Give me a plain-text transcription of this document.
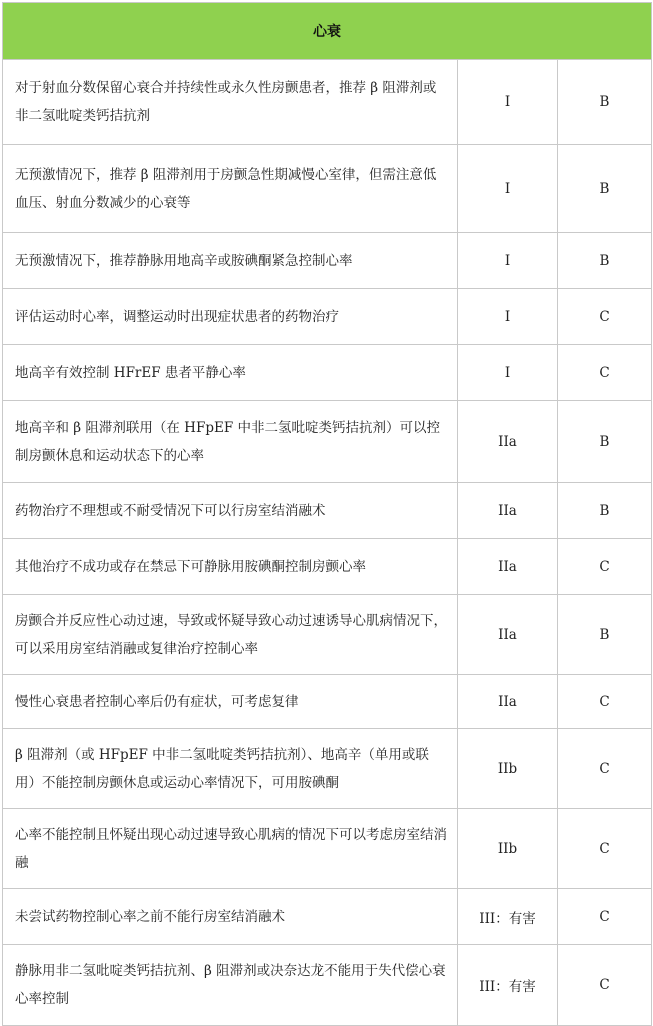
心衰		
对于射血分数保留心衰合并持续性或永久性房颤患者，推荐 β 阻滞剂或非二氢吡啶类钙拮抗剂	I	B
无预激情况下，推荐 β 阻滞剂用于房颤急性期减慢心室律，但需注意低血压、射血分数减少的心衰等	I	B
无预激情况下，推荐静脉用地高辛或胺碘酮紧急控制心率	I	B
评估运动时心率，调整运动时出现症状患者的药物治疗	I	C
地高辛有效控制 HFrEF 患者平静心率	I	C
地高辛和 β 阻滞剂联用（在 HFpEF 中非二氢吡啶类钙拮抗剂）可以控制房颤休息和运动状态下的心率	IIa	B
药物治疗不理想或不耐受情况下可以行房室结消融术	IIa	B
其他治疗不成功或存在禁忌下可静脉用胺碘酮控制房颤心率	IIa	C
房颤合并反应性心动过速，导致或怀疑导致心动过速诱导心肌病情况下，可以采用房室结消融或复律治疗控制心率	IIa	B
慢性心衰患者控制心率后仍有症状，可考虑复律	IIa	C
β 阻滞剂（或 HFpEF 中非二氢吡啶类钙拮抗剂）、地高辛（单用或联用）不能控制房颤休息或运动心率情况下，可用胺碘酮	IIb	C
心率不能控制且怀疑出现心动过速导致心肌病的情况下可以考虑房室结消融	IIb	C
未尝试药物控制心率之前不能行房室结消融术	III：有害	C
静脉用非二氢吡啶类钙拮抗剂、β 阻滞剂或决奈达龙不能用于失代偿心衰心率控制	III：有害	C
